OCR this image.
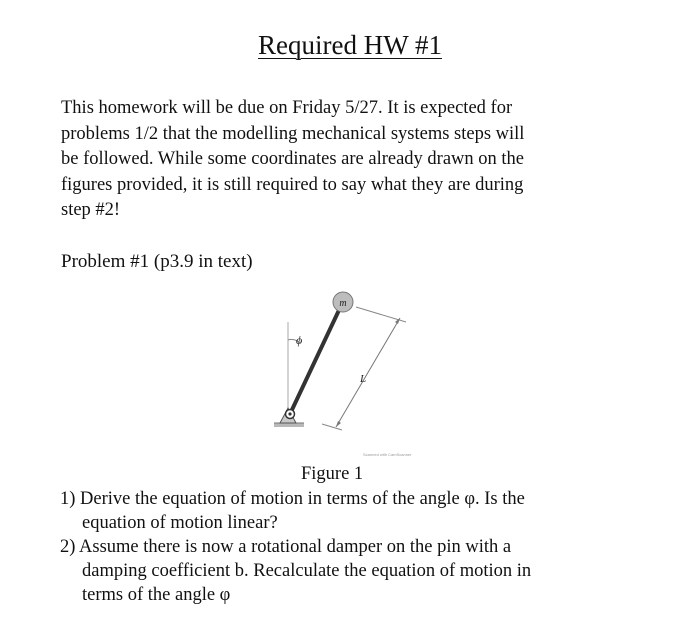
Required HW #1
This homework will be due on Friday 5/27. It is expected for
problems 1/2 that the modelling mechanical systems steps will
be followed. While some coordinates are already drawn on the
figures provided, it is still required to say what they are during
step #2!
Problem #1 (p3.9 in text)
m
ϕ
L
Scanned with CamScanner
Figure 1
1) Derive the equation of motion in terms of the angle φ. Is the
equation of motion linear?
2) Assume there is now a rotational damper on the pin with a
damping coefficient b. Recalculate the equation of motion in
terms of the angle φ
